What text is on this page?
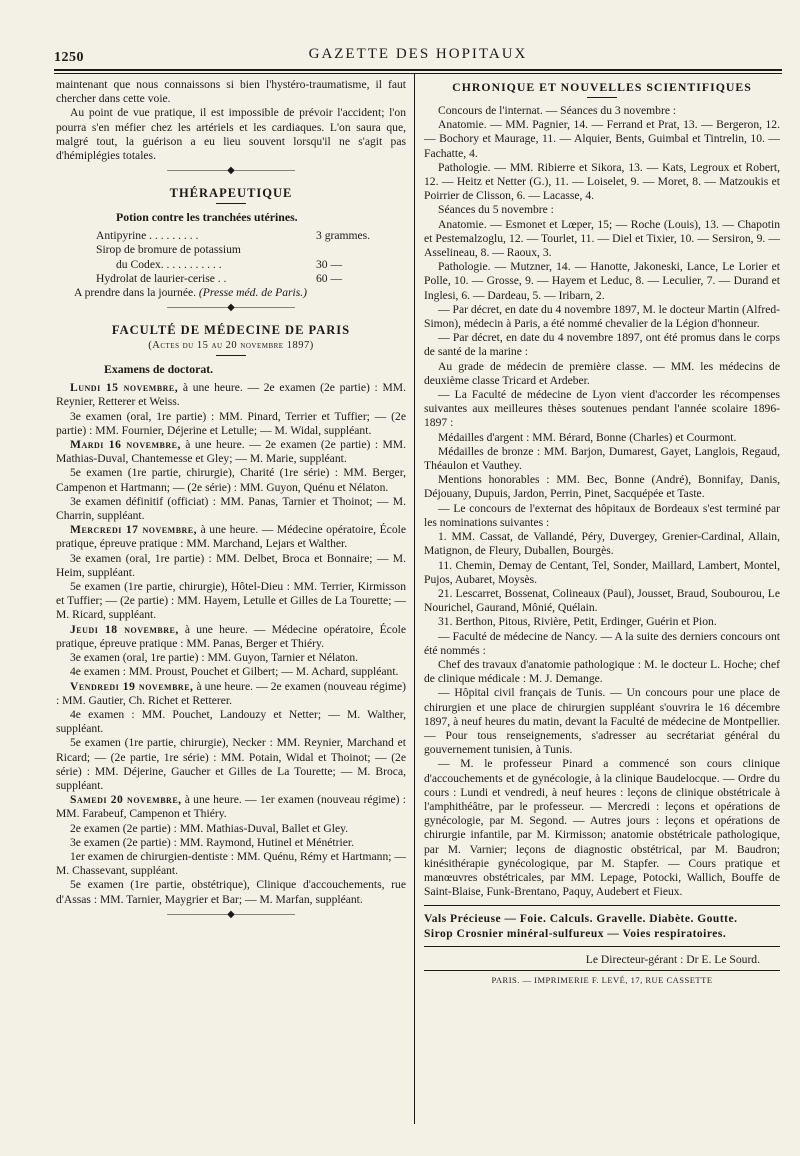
1250	GAZETTE DES HOPITAUX

maintenant que nous connaissons si bien l'hystéro-traumatisme, il faut chercher dans cette voie.

Au point de vue pratique, il est impossible de prévoir l'accident; l'on pourra s'en méfier chez les artériels et les cardiaques. L'on saura que, malgré tout, la guérison a eu lieu souvent lorsqu'il ne s'agit pas d'hémiplégies totales.

——————◆——————
THÉRAPEUTIQUE
Potion contre les tranchées utérines.
Antipyrine . . . . . . . . .	3 grammes.
Sirop de bromure de potassium
du Codex. . . . . . . . . . .	30 —
Hydrolat de laurier-cerise . .	60 —

A prendre dans la journée. (Presse méd. de Paris.)

——————◆——————
FACULTÉ DE MÉDECINE DE PARIS
(Actes du 15 au 20 novembre 1897)
Examens de doctorat.

Lundi 15 novembre, à une heure. — 2e examen (2e partie) : MM. Reynier, Retterer et Weiss.

3e examen (oral, 1re partie) : MM. Pinard, Terrier et Tuffier; — (2e partie) : MM. Fournier, Déjerine et Letulle; — M. Widal, suppléant.

Mardi 16 novembre, à une heure. — 2e examen (2e partie) : MM. Mathias-Duval, Chantemesse et Gley; — M. Marie, suppléant.

5e examen (1re partie, chirurgie), Charité (1re série) : MM. Berger, Campenon et Hartmann; — (2e série) : MM. Guyon, Quénu et Nélaton.

3e examen définitif (officiat) : MM. Panas, Tarnier et Thoinot; — M. Charrin, suppléant.

Mercredi 17 novembre, à une heure. — Médecine opératoire, École pratique, épreuve pratique : MM. Marchand, Lejars et Walther.

3e examen (oral, 1re partie) : MM. Delbet, Broca et Bonnaire; — M. Heim, suppléant.

5e examen (1re partie, chirurgie), Hôtel-Dieu : MM. Terrier, Kirmisson et Tuffier; — (2e partie) : MM. Hayem, Letulle et Gilles de La Tourette; — M. Ricard, suppléant.

Jeudi 18 novembre, à une heure. — Médecine opératoire, École pratique, épreuve pratique : MM. Panas, Berger et Thiéry.

3e examen (oral, 1re partie) : MM. Guyon, Tarnier et Nélaton.

4e examen : MM. Proust, Pouchet et Gilbert; — M. Achard, suppléant.

Vendredi 19 novembre, à une heure. — 2e examen (nouveau régime) : MM. Gautier, Ch. Richet et Retterer.

4e examen : MM. Pouchet, Landouzy et Netter; — M. Walther, suppléant.

5e examen (1re partie, chirurgie), Necker : MM. Reynier, Marchand et Ricard; — (2e partie, 1re série) : MM. Potain, Widal et Thoinot; — (2e série) : MM. Déjerine, Gaucher et Gilles de La Tourette; — M. Broca, suppléant.

Samedi 20 novembre, à une heure. — 1er examen (nouveau régime) : MM. Farabeuf, Campenon et Thiéry.

2e examen (2e partie) : MM. Mathias-Duval, Ballet et Gley.

3e examen (2e partie) : MM. Raymond, Hutinel et Ménétrier.

1er examen de chirurgien-dentiste : MM. Quénu, Rémy et Hartmann; — M. Chassevant, suppléant.

5e examen (1re partie, obstétrique), Clinique d'accouchements, rue d'Assas : MM. Tarnier, Maygrier et Bar; — M. Marfan, suppléant.

——————◆——————
CHRONIQUE ET NOUVELLES SCIENTIFIQUES

Concours de l'internat. — Séances du 3 novembre :

Anatomie. — MM. Pagnier, 14. — Ferrand et Prat, 13. — Bergeron, 12. — Bochory et Maurage, 11. — Alquier, Bents, Guimbal et Tintrelin, 10. — Fachatte, 4.

Pathologie. — MM. Ribierre et Sikora, 13. — Kats, Legroux et Robert, 12. — Heitz et Netter (G.), 11. — Loiselet, 9. — Moret, 8. — Matzoukis et Poirrier de Clisson, 6. — Lacasse, 4.

Séances du 5 novembre :

Anatomie. — Esmonet et Lœper, 15; — Roche (Louis), 13. — Chapotin et Pestemalzoglu, 12. — Tourlet, 11. — Diel et Tixier, 10. — Sersiron, 9. — Asselineau, 8. — Raoux, 3.

Pathologie. — Mutzner, 14. — Hanotte, Jakoneski, Lance, Le Lorier et Polle, 10. — Grosse, 9. — Hayem et Leduc, 8. — Leculier, 7. — Durand et Inglesi, 6. — Dardeau, 5. — Iribarn, 2.

— Par décret, en date du 4 novembre 1897, M. le docteur Martin (Alfred-Simon), médecin à Paris, a été nommé chevalier de la Légion d'honneur.

— Par décret, en date du 4 novembre 1897, ont été promus dans le corps de santé de la marine :

Au grade de médecin de première classe. — MM. les médecins de deuxième classe Tricard et Ardeber.

— La Faculté de médecine de Lyon vient d'accorder les récompenses suivantes aux meilleures thèses soutenues pendant l'année scolaire 1896-1897 :

Médailles d'argent : MM. Bérard, Bonne (Charles) et Courmont.

Médailles de bronze : MM. Barjon, Dumarest, Gayet, Langlois, Regaud, Théaulon et Vauthey.

Mentions honorables : MM. Bec, Bonne (André), Bonnifay, Danis, Déjouany, Dupuis, Jardon, Perrin, Pinet, Sacquépée et Taste.

— Le concours de l'externat des hôpitaux de Bordeaux s'est terminé par les nominations suivantes :

1. MM. Cassat, de Vallandé, Péry, Duvergey, Grenier-Cardinal, Allain, Matignon, de Fleury, Duballen, Bourgès.

11. Chemin, Demay de Centant, Tel, Sonder, Maillard, Lambert, Montel, Pujos, Aubaret, Moysès.

21. Lescarret, Bossenat, Colineaux (Paul), Jousset, Braud, Soubourou, Le Nourichel, Gaurand, Mônié, Quélain.

31. Berthon, Pitous, Rivière, Petit, Erdinger, Guérin et Pion.

— Faculté de médecine de Nancy. — A la suite des derniers concours ont été nommés :

Chef des travaux d'anatomie pathologique : M. le docteur L. Hoche; chef de clinique médicale : M. J. Demange.

— Hôpital civil français de Tunis. — Un concours pour une place de chirurgien et une place de chirurgien suppléant s'ouvrira le 16 décembre 1897, à neuf heures du matin, devant la Faculté de médecine de Montpellier. — Pour tous renseignements, s'adresser au secrétariat général du gouvernement tunisien, à Tunis.

— M. le professeur Pinard a commencé son cours clinique d'accouchements et de gynécologie, à la clinique Baudelocque. — Ordre du cours : Lundi et vendredi, à neuf heures : leçons de clinique obstétricale à l'amphithéâtre, par le professeur. — Mercredi : leçons et opérations de gynécologie, par M. Segond. — Autres jours : leçons et opérations de chirurgie infantile, par M. Kirmisson; anatomie obstétricale pathologique, par M. Varnier; leçons de diagnostic obstétrical, par M. Baudron; kinésithérapie gynécologique, par M. Stapfer. — Cours pratique et manœuvres obstétricales, par MM. Lepage, Potocki, Wallich, Bouffe de Saint-Blaise, Funk-Brentano, Paquy, Audebert et Fieux.

Vals Précieuse — Foie. Calculs. Gravelle. Diabète. Goutte.
Sirop Crosnier minéral-sulfureux — Voies respiratoires.
Le Directeur-gérant : Dr E. Le Sourd.
PARIS. — IMPRIMERIE F. LEVÉ, 17, RUE CASSETTE
